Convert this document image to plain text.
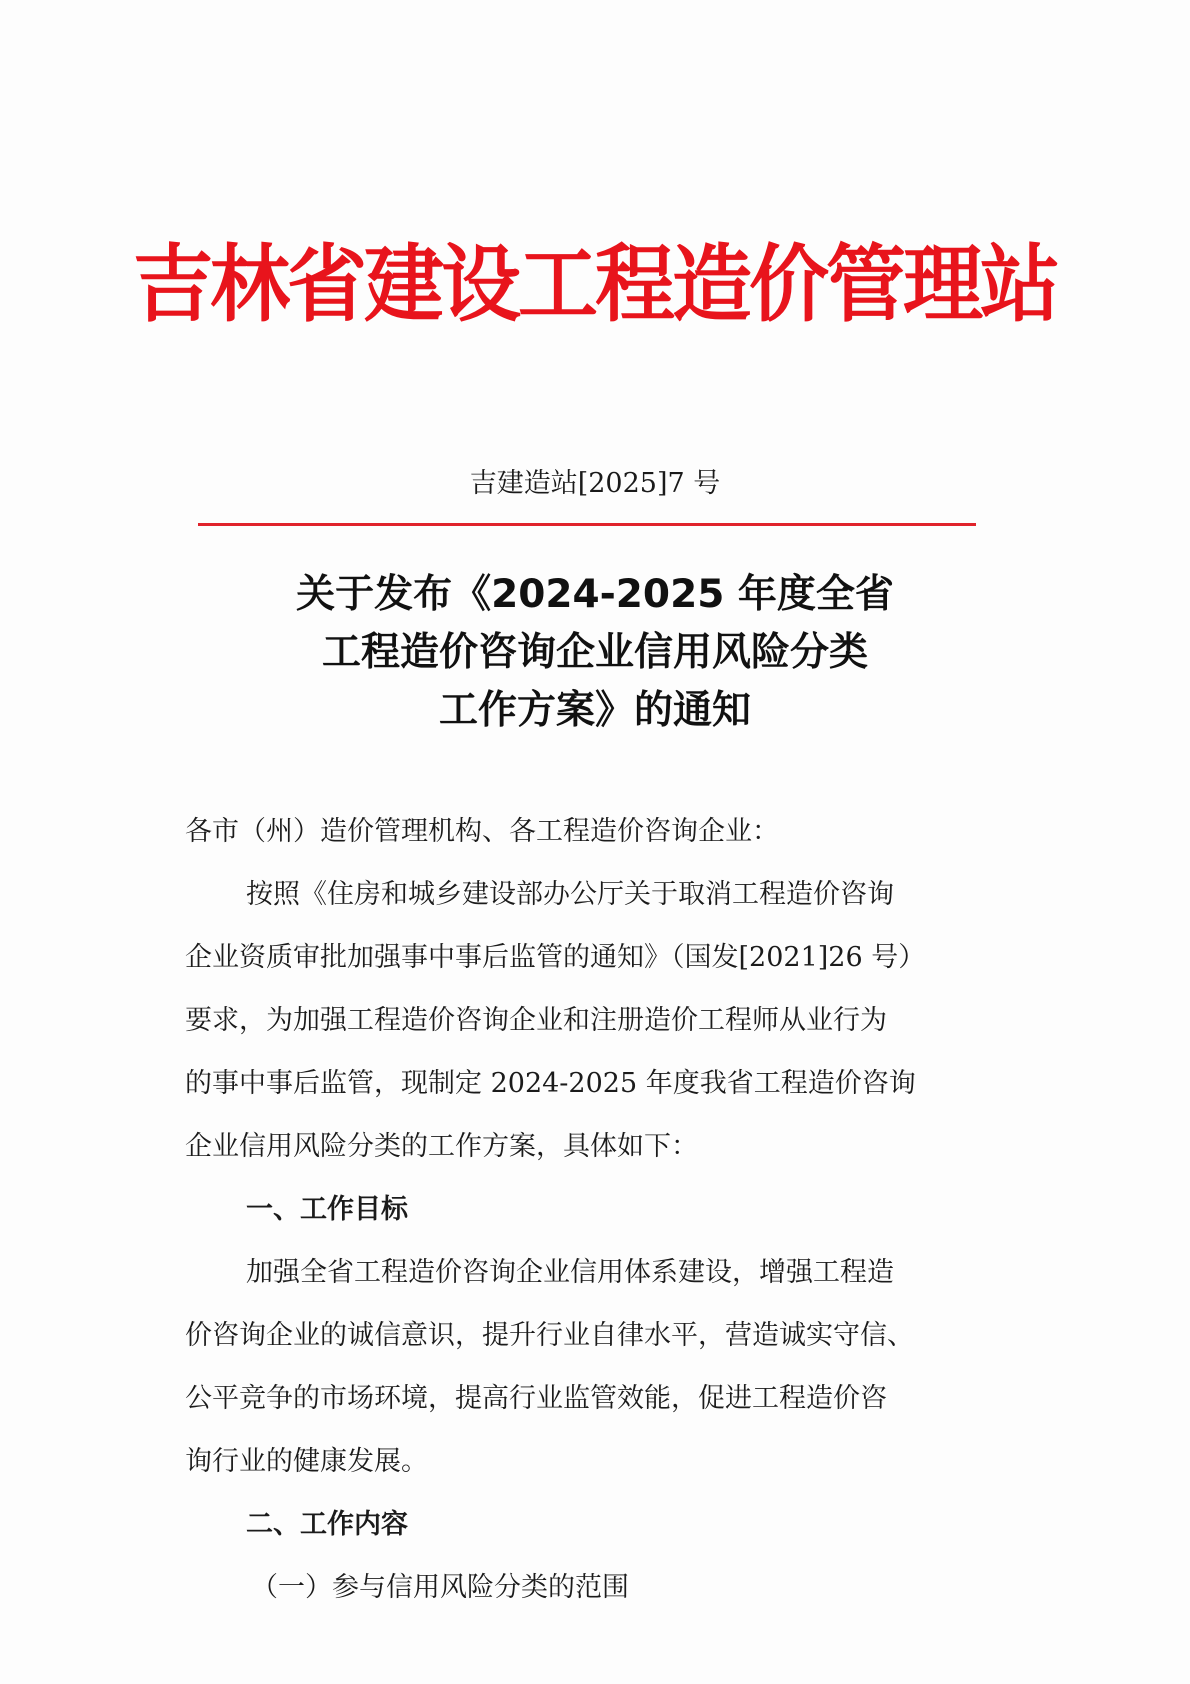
吉林省建设工程造价管理站
吉建造站[2025]7 号
关于发布《2024-2025 年度全省
工程造价咨询企业信用风险分类
工作方案》的通知

各市（州）造价管理机构、各工程造价咨询企业：

按照《住房和城乡建设部办公厅关于取消工程造价咨询

企业资质审批加强事中事后监管的通知》（国发[2021]26 号）

要求，为加强工程造价咨询企业和注册造价工程师从业行为

的事中事后监管，现制定 2024-2025 年度我省工程造价咨询

企业信用风险分类的工作方案，具体如下：

一、工作目标

加强全省工程造价咨询企业信用体系建设，增强工程造

价咨询企业的诚信意识，提升行业自律水平，营造诚实守信、

公平竞争的市场环境，提高行业监管效能，促进工程造价咨

询行业的健康发展。

二、工作内容

（一）参与信用风险分类的范围
